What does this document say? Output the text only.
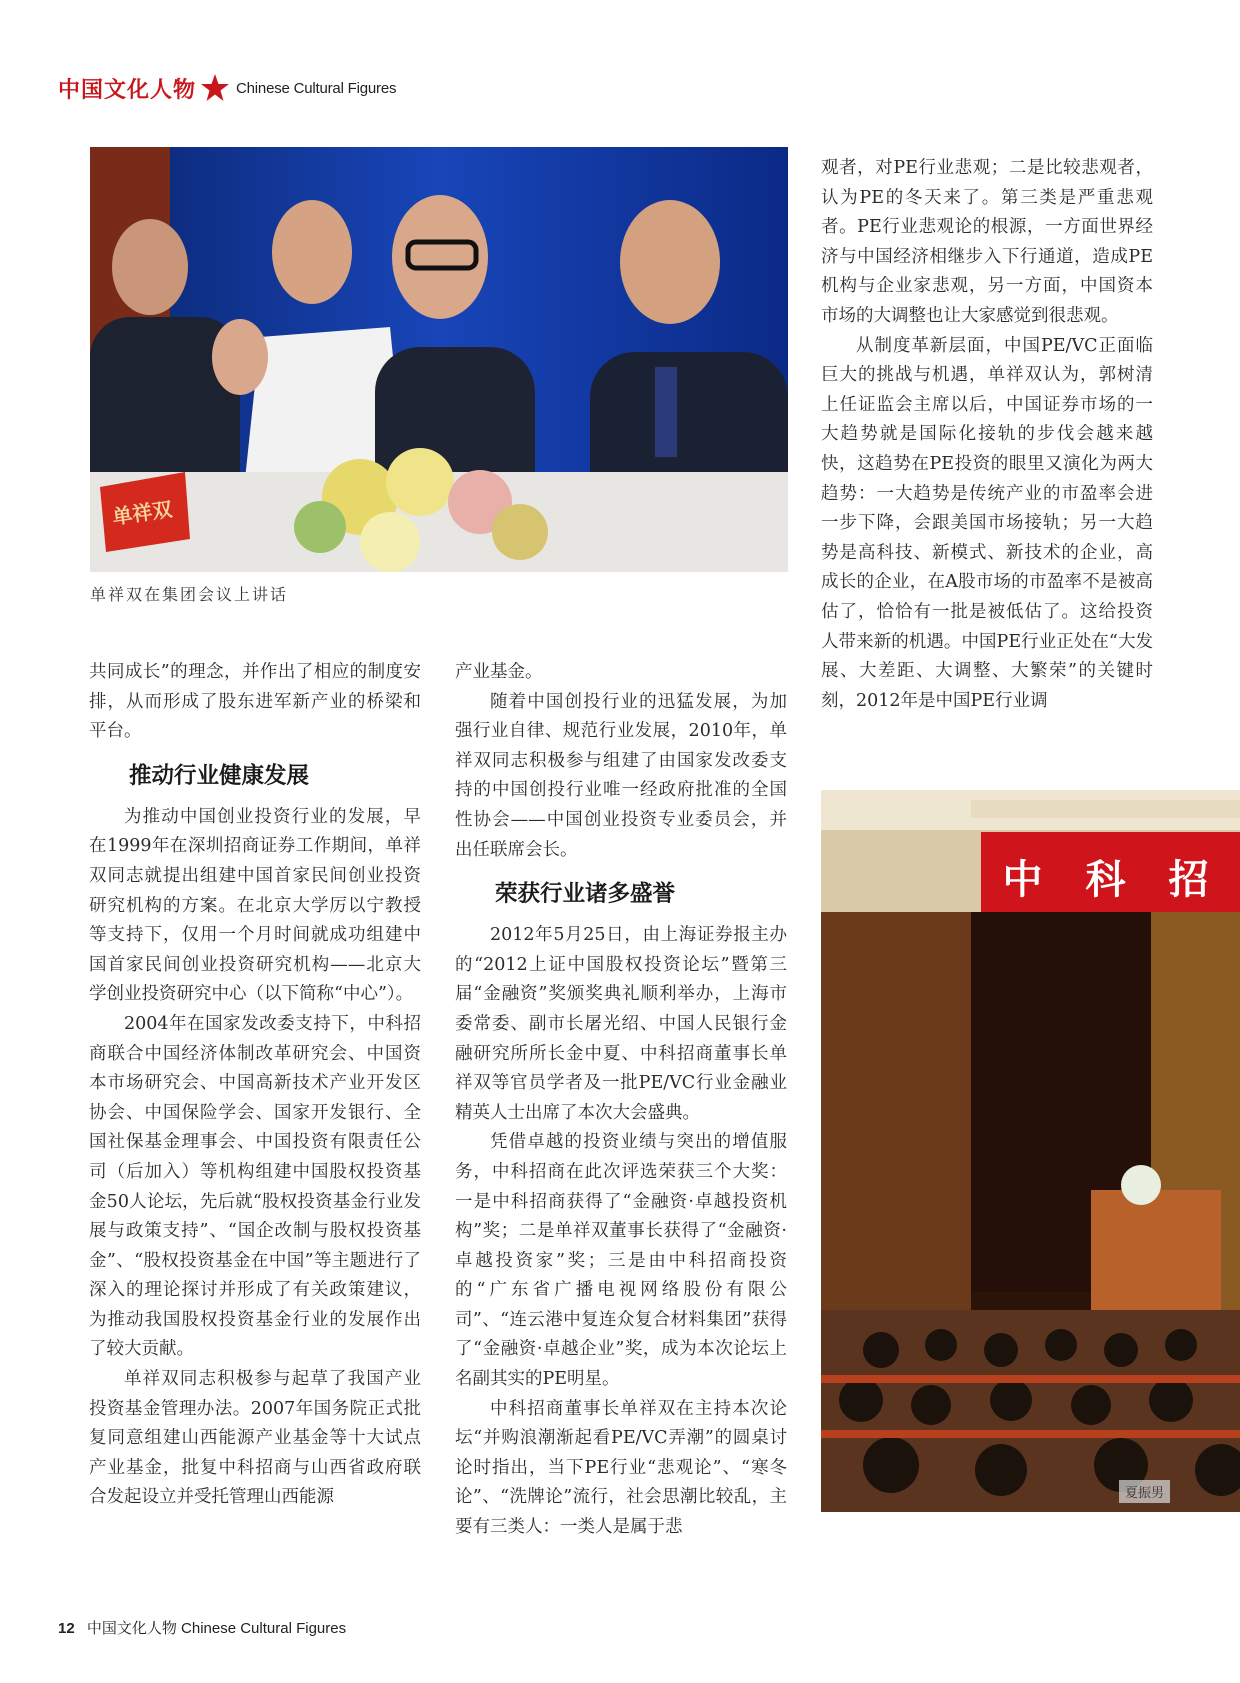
中国文化人物	Chinese Cultural Figures
单祥双
单祥双在集团会议上讲话

共同成长”的理念，并作出了相应的制度安排，从而形成了股东进军新产业的桥梁和平台。

推动行业健康发展

为推动中国创业投资行业的发展，早在1999年在深圳招商证券工作期间，单祥双同志就提出组建中国首家民间创业投资研究机构的方案。在北京大学厉以宁教授等支持下，仅用一个月时间就成功组建中国首家民间创业投资研究机构——北京大学创业投资研究中心（以下简称“中心”）。

2004年在国家发改委支持下，中科招商联合中国经济体制改革研究会、中国资本市场研究会、中国高新技术产业开发区协会、中国保险学会、国家开发银行、全国社保基金理事会、中国投资有限责任公司（后加入）等机构组建中国股权投资基金50人论坛，先后就“股权投资基金行业发展与政策支持”、“国企改制与股权投资基金”、“股权投资基金在中国”等主题进行了深入的理论探讨并形成了有关政策建议，为推动我国股权投资基金行业的发展作出了较大贡献。

单祥双同志积极参与起草了我国产业投资基金管理办法。2007年国务院正式批复同意组建山西能源产业基金等十大试点产业基金，批复中科招商与山西省政府联合发起设立并受托管理山西能源

产业基金。

随着中国创投行业的迅猛发展，为加强行业自律、规范行业发展，2010年，单祥双同志积极参与组建了由国家发改委支持的中国创投行业唯一经政府批准的全国性协会——中国创业投资专业委员会，并出任联席会长。

荣获行业诸多盛誉

2012年5月25日，由上海证券报主办的“2012上证中国股权投资论坛”暨第三届“金融资”奖颁奖典礼顺利举办，上海市委常委、副市长屠光绍、中国人民银行金融研究所所长金中夏、中科招商董事长单祥双等官员学者及一批PE/VC行业金融业精英人士出席了本次大会盛典。

凭借卓越的投资业绩与突出的增值服务，中科招商在此次评选荣获三个大奖：一是中科招商获得了“金融资·卓越投资机构”奖；二是单祥双董事长获得了“金融资·卓越投资家”奖；三是由中科招商投资的“广东省广播电视网络股份有限公司”、“连云港中复连众复合材料集团”获得了“金融资·卓越企业”奖，成为本次论坛上名副其实的PE明星。

中科招商董事长单祥双在主持本次论坛“并购浪潮渐起看PE/VC弄潮”的圆桌讨论时指出，当下PE行业“悲观论”、“寒冬论”、“洗牌论”流行，社会思潮比较乱，主要有三类人：一类人是属于悲

观者，对PE行业悲观；二是比较悲观者，认为PE的冬天来了。第三类是严重悲观者。PE行业悲观论的根源，一方面世界经济与中国经济相继步入下行通道，造成PE机构与企业家悲观，另一方面，中国资本市场的大调整也让大家感觉到很悲观。

从制度革新层面，中国PE/VC正面临巨大的挑战与机遇，单祥双认为，郭树清上任证监会主席以后，中国证券市场的一大趋势就是国际化接轨的步伐会越来越快，这趋势在PE投资的眼里又演化为两大趋势：一大趋势是传统产业的市盈率会进一步下降，会跟美国市场接轨；另一大趋势是高科技、新模式、新技术的企业，高成长的企业，在A股市场的市盈率不是被高估了，恰恰有一批是被低估了。这给投资人带来新的机遇。中国PE行业正处在“大发展、大差距、大调整、大繁荣”的关键时刻，2012年是中国PE行业调

中 科 招
夏振男
12 中国文化人物 Chinese Cultural Figures
